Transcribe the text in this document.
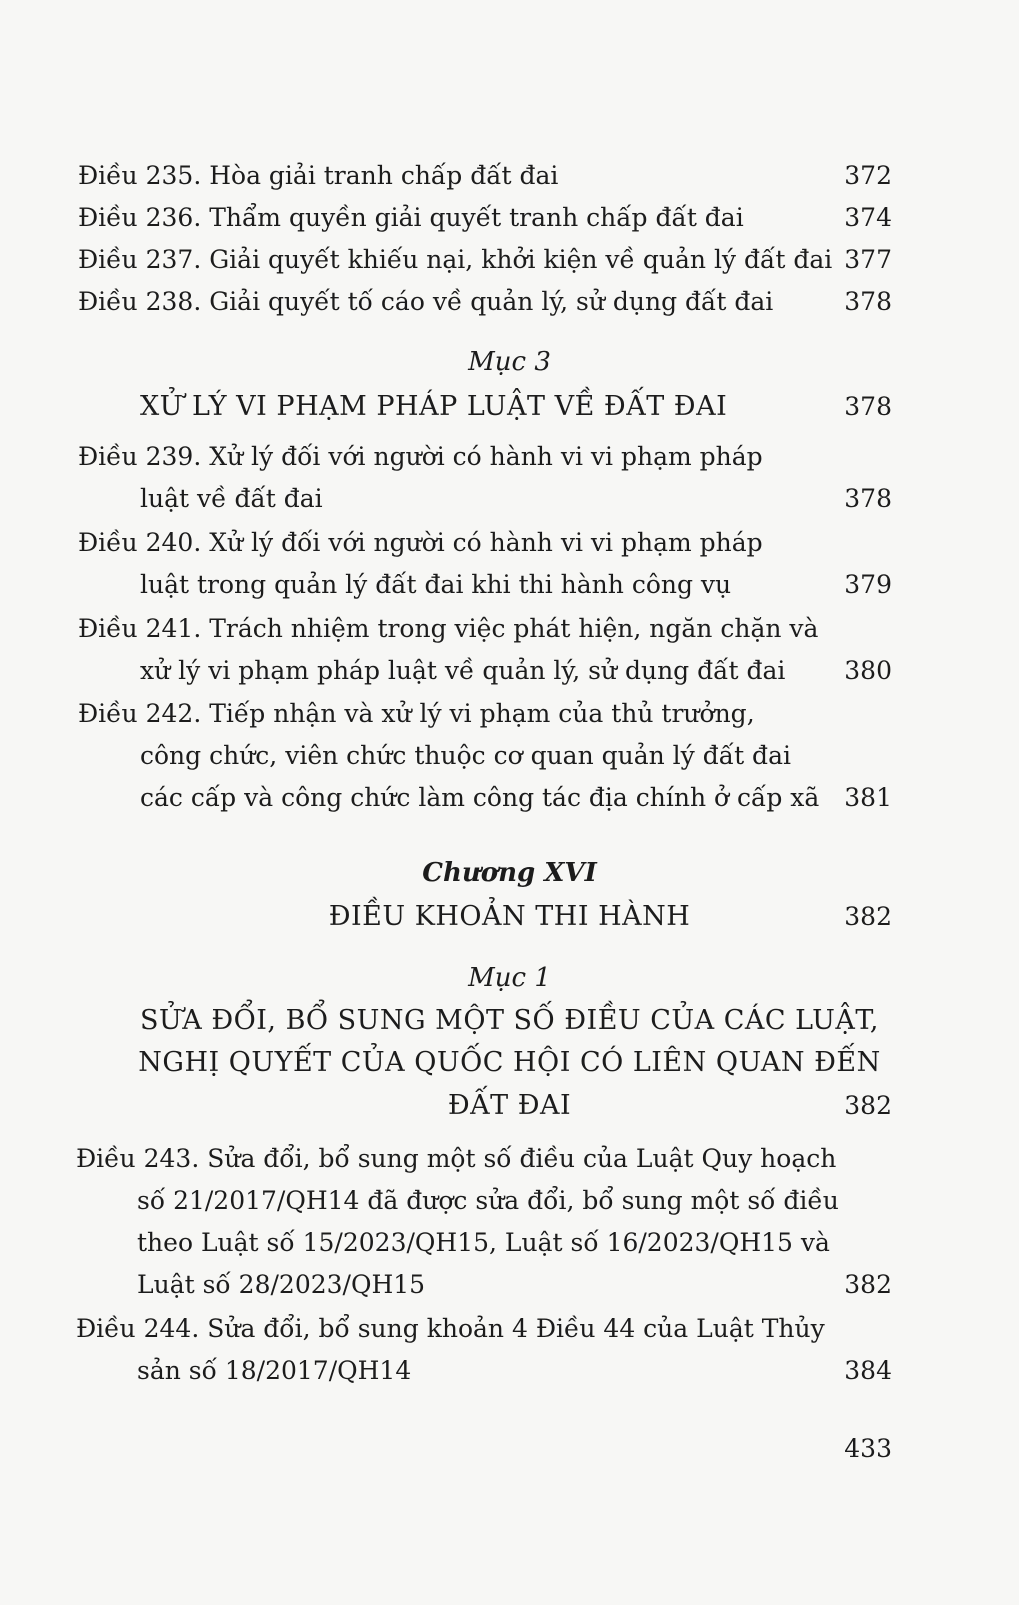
Điều 235. Hòa giải tranh chấp đất đai	372
Điều 236. Thẩm quyền giải quyết tranh chấp đất đai	374
Điều 237. Giải quyết khiếu nại, khởi kiện về quản lý đất đai 377
Điều 238. Giải quyết tố cáo về quản lý, sử dụng đất đai	378
Mục 3
XỬ LÝ VI PHẠM PHÁP LUẬT VỀ ĐẤT ĐAI	378
Điều 239. Xử lý đối với người có hành vi vi phạm pháp
luật về đất đai	378
Điều 240. Xử lý đối với người có hành vi vi phạm pháp
luật trong quản lý đất đai khi thi hành công vụ	379
Điều 241. Trách nhiệm trong việc phát hiện, ngăn chặn và
xử lý vi phạm pháp luật về quản lý, sử dụng đất đai 380
Điều 242. Tiếp nhận và xử lý vi phạm của thủ trưởng,
công chức, viên chức thuộc cơ quan quản lý đất đai
các cấp và công chức làm công tác địa chính ở cấp xã 381
Chương XVI
ĐIỀU KHOẢN THI HÀNH	382
Mục 1
SỬA ĐỔI, BỔ SUNG MỘT SỐ ĐIỀU CỦA CÁC LUẬT,
NGHỊ QUYẾT CỦA QUỐC HỘI CÓ LIÊN QUAN ĐẾN
ĐẤT ĐAI	382
Điều 243. Sửa đổi, bổ sung một số điều của Luật Quy hoạch
số 21/2017/QH14 đã được sửa đổi, bổ sung một số điều
theo Luật số 15/2023/QH15, Luật số 16/2023/QH15 và
Luật số 28/2023/QH15	382
Điều 244. Sửa đổi, bổ sung khoản 4 Điều 44 của Luật Thủy
sản số 18/2017/QH14	384
433
